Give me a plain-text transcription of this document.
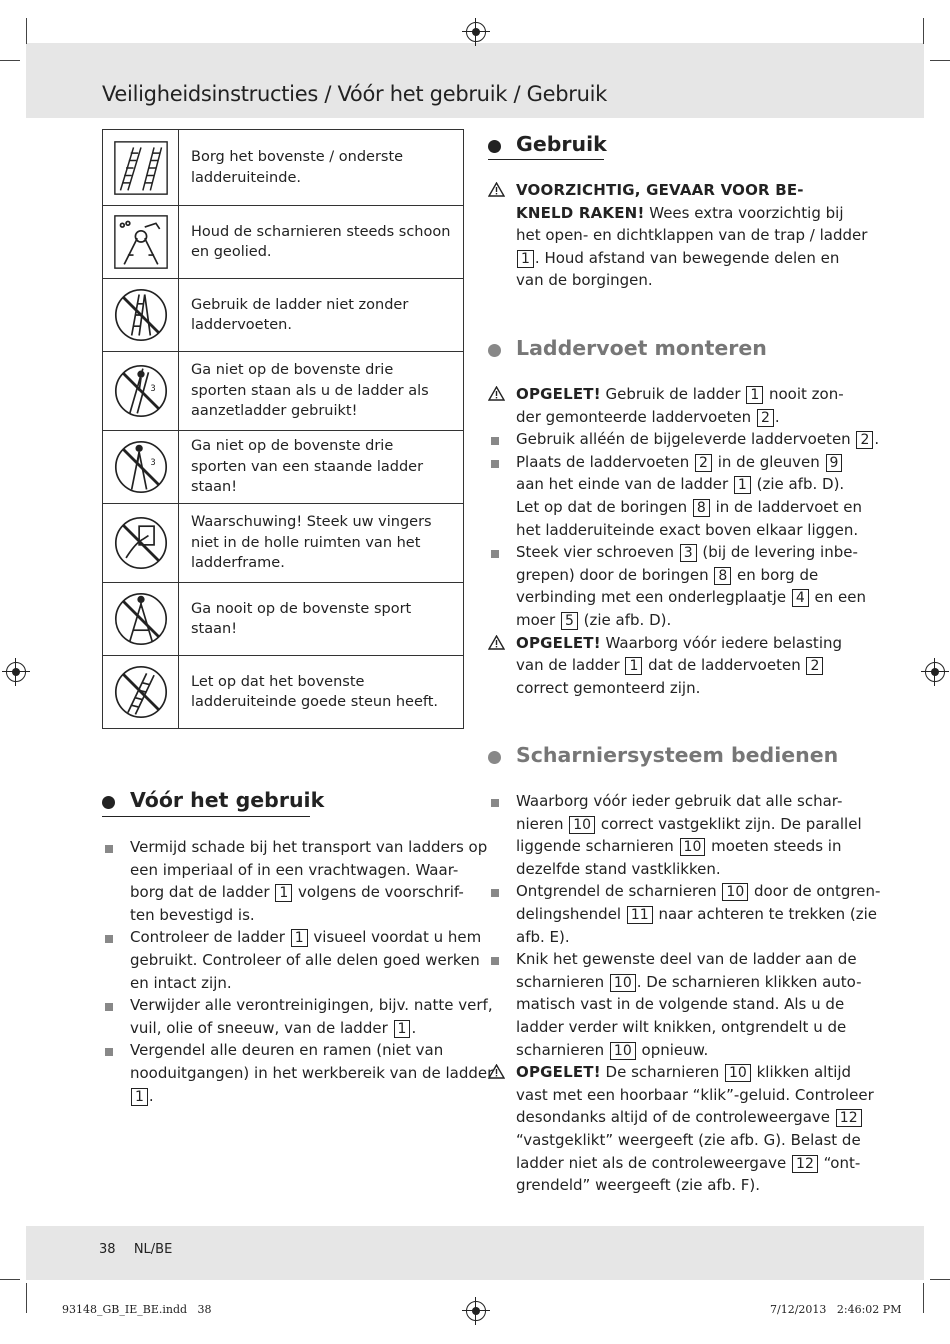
Veiligheidsinstructies / Vóór het gebruik / Gebruik
Borg het bovenste / onderste ladderuiteinde.
Houd de scharnieren steeds schoon en geolied.
Gebruik de ladder niet zonder laddervoeten.
3
Ga niet op de bovenste drie sporten staan als u de ladder als aanzetladder gebruikt!
3
Ga niet op de bovenste drie sporten van een staande ladder staan!
Waarschuwing! Steek uw vingers niet in de holle ruimten van het ladderframe.
Ga nooit op de bovenste sport staan!
Let op dat het bovenste ladderuiteinde goede steun heeft.
Vóór het gebruik
Vermijd schade bij het transport van ladders op
een imperiaal of in een vrachtwagen. Waar-
borg dat de ladder 1 volgens de voorschrif-
ten bevestigd is.
Controleer de ladder 1 visueel voordat u hem
gebruikt. Controleer of alle delen goed werken
en intact zijn.
Verwijder alle verontreinigingen, bijv. natte verf,
vuil, olie of sneeuw, van de ladder 1 .
Vergendel alle deuren en ramen (niet van
nooduitgangen) in het werkbereik van de ladder
1 .
Gebruik
VOORZICHTIG, GEVAAR VOOR BE-
KNELD RAKEN! Wees extra voorzichtig bij
het open- en dichtklappen van de trap / ladder
1 . Houd afstand van bewegende delen en
van de borgingen.
Laddervoet monteren
OPGELET! Gebruik de ladder 1 nooit zon-
der gemonteerde laddervoeten 2 .
Gebruik alléén de bijgeleverde laddervoeten 2 .
Plaats de laddervoeten 2 in de gleuven 9
aan het einde van de ladder 1 (zie afb. D).
Let op dat de boringen 8 in de laddervoet en
het ladderuiteinde exact boven elkaar liggen.
Steek vier schroeven 3 (bij de levering inbe-
grepen) door de boringen 8 en borg de
verbinding met een onderlegplaatje 4 en een
moer 5 (zie afb. D).
OPGELET! Waarborg vóór iedere belasting
van de ladder 1 dat de laddervoeten 2
correct gemonteerd zijn.
Scharniersysteem bedienen
Waarborg vóór ieder gebruik dat alle schar-
nieren 10 correct vastgeklikt zijn. De parallel
liggende scharnieren 10 moeten steeds in
dezelfde stand vastklikken.
Ontgrendel de scharnieren 10 door de ontgren-
delingshendel 11 naar achteren te trekken (zie
afb. E).
Knik het gewenste deel van de ladder aan de
scharnieren 10 . De scharnieren klikken auto-
matisch vast in de volgende stand. Als u de
ladder verder wilt knikken, ontgrendelt u de
scharnieren 10 opnieuw.
OPGELET! De scharnieren 10 klikken altijd
vast met een hoorbaar “klik”-geluid. Controleer
desondanks altijd of de controleweergave 12
“vastgeklikt” weergeeft (zie afb. G). Belast de
ladder niet als de controleweergave 12 “ont-
grendeld” weergeeft (zie afb. F).
38 NL/BE
93148_GB_IE_BE.indd   38	7/12/2013   2:46:02 PM
